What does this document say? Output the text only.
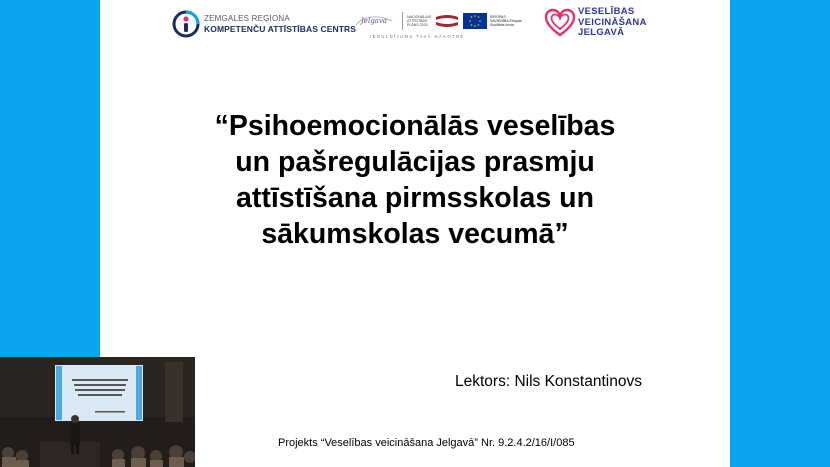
ZEMGALES REĢIONA
KOMPETENČU ATTĪSTĪBAS CENTRS
Jelgava	NACIONĀLAIS ATTĪSTĪBAS PLĀNS 2020
EIROPAS SAVIENĪBA Eiropas Sociālais fonds
IEGULDĪJUMS TAVĀ NĀKOTNĒ
VESELĪBAS
VEICINĀŠANA
JELGAVĀ
“Psihoemocionālās veselības
un pašregulācijas prasmju
attīstīšana pirmsskolas un
sākumskolas vecumā”
Lektors: Nils Konstantinovs
Projekts “Veselības veicināšana Jelgavā” Nr. 9.2.4.2/16/I/085
